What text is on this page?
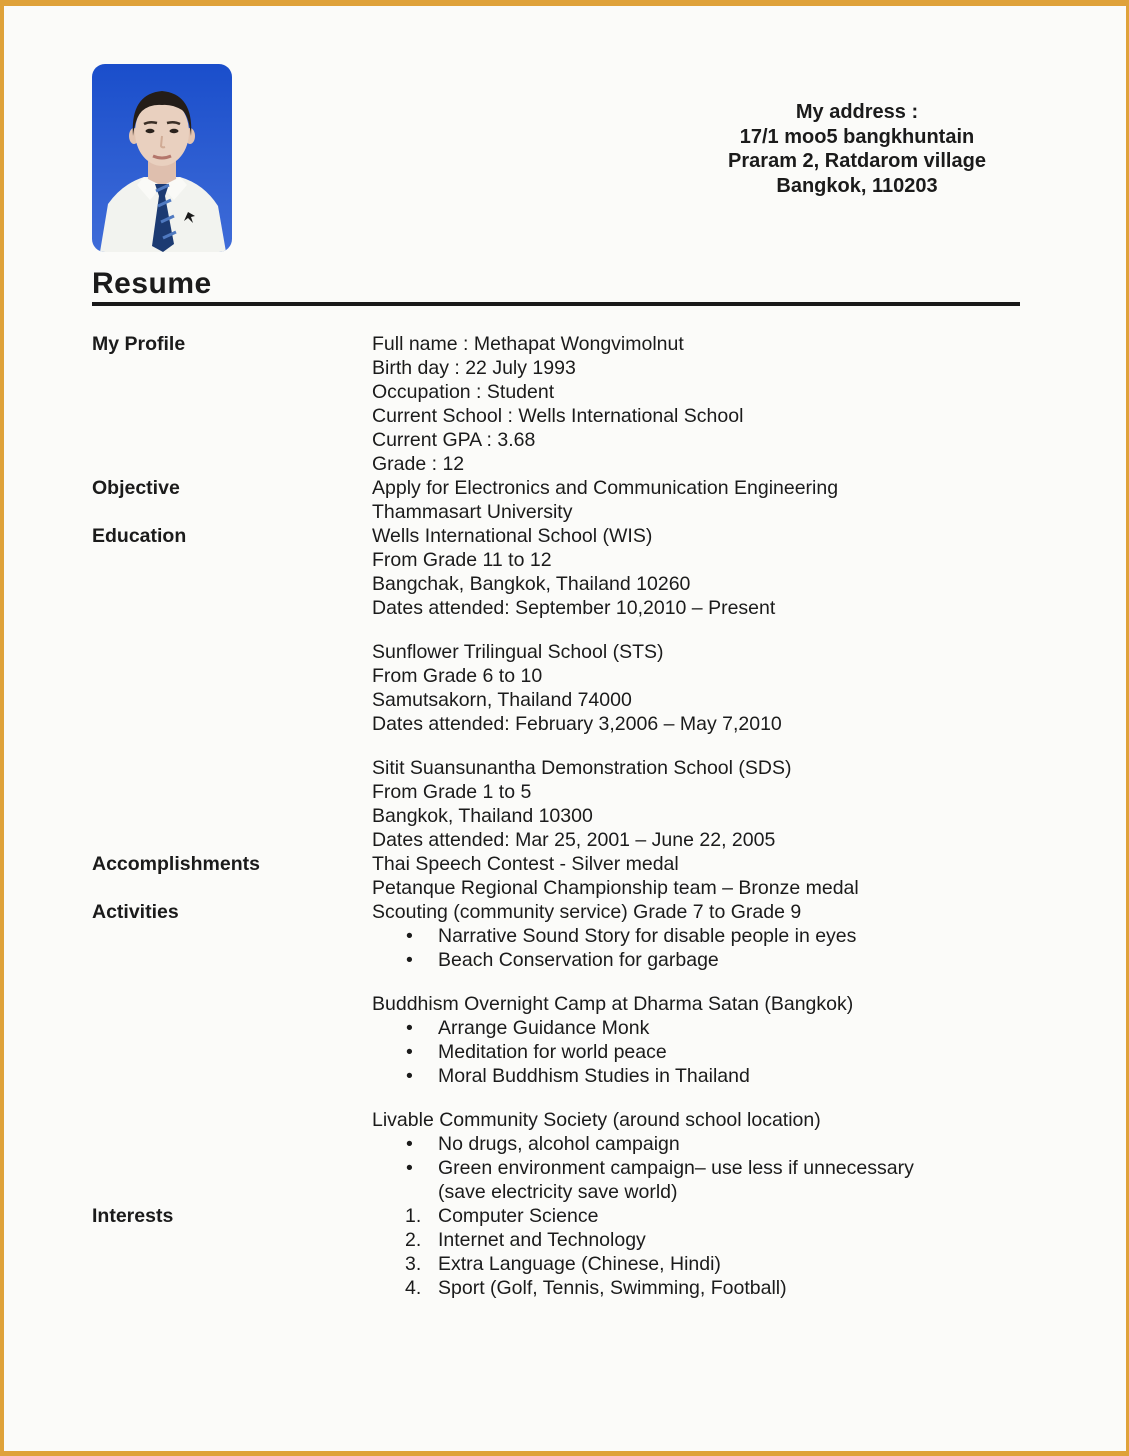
My address :
17/1 moo5 bangkhuntain
Praram 2, Ratdarom village
Bangkok, 110203
Resume
My Profile	Full name : Methapat Wongvimolnut
Birth day : 22 July 1993
Occupation : Student
Current School : Wells International School
Current GPA : 3.68
Grade : 12
Objective	Apply for Electronics and Communication Engineering
Thammasart University
Education	Wells International School (WIS)
From Grade 11 to 12
Bangchak, Bangkok, Thailand 10260
Dates attended: September 10,2010 – Present
Sunflower Trilingual School (STS)
From Grade 6 to 10
Samutsakorn, Thailand 74000
Dates attended: February 3,2006 – May 7,2010
Sitit Suansunantha Demonstration School (SDS)
From Grade 1 to 5
Bangkok, Thailand 10300
Dates attended: Mar 25, 2001 – June 22, 2005
Accomplishments	Thai Speech Contest - Silver medal
Petanque Regional Championship team – Bronze medal
Activities	Scouting (community service) Grade 7 to Grade 9
•	Narrative Sound Story for disable people in eyes
•	Beach Conservation for garbage
Buddhism Overnight Camp at Dharma Satan (Bangkok)
•	Arrange Guidance Monk
•	Meditation for world peace
•	Moral Buddhism Studies in Thailand
Livable Community Society (around school location)
•	No drugs, alcohol campaign
•	Green environment campaign– use less if unnecessary
(save electricity save world)
Interests	1. Computer Science
2. Internet and Technology
3. Extra Language (Chinese, Hindi)
4. Sport (Golf, Tennis, Swimming, Football)
